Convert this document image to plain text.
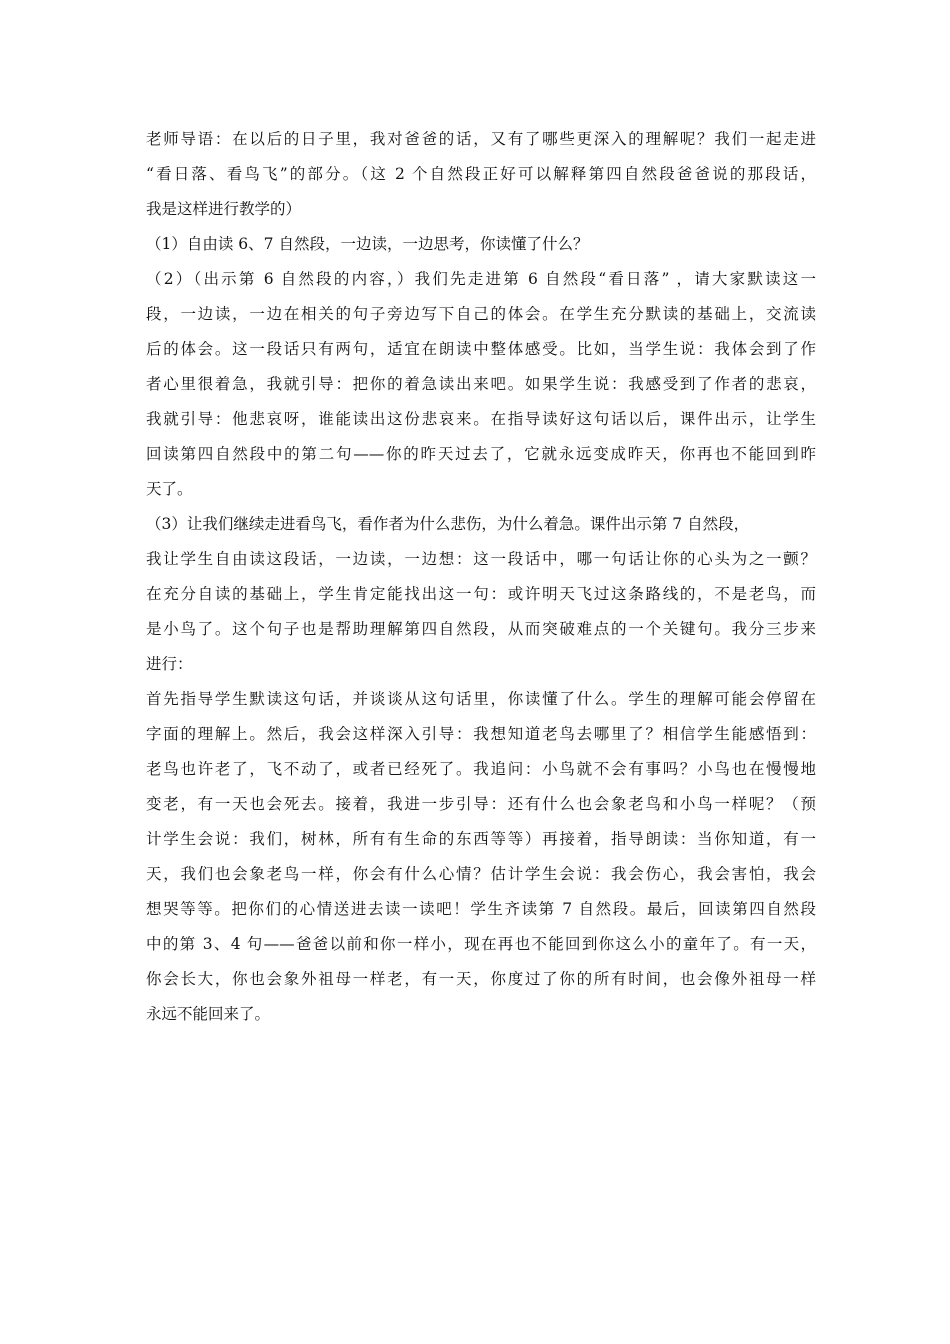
老师导语：在以后的日子里，我对爸爸的话，又有了哪些更深入的理解呢？我们一起走进
“看日落、看鸟飞”的部分。（这 2 个自然段正好可以解释第四自然段爸爸说的那段话，
我是这样进行教学的）
（1）自由读 6、7 自然段，一边读，一边思考，你读懂了什么？
（2）（出示第 6 自然段的内容，）我们先走进第 6 自然段“看日落” ，请大家默读这一
段，一边读，一边在相关的句子旁边写下自己的体会。在学生充分默读的基础上，交流读
后的体会。这一段话只有两句，适宜在朗读中整体感受。比如，当学生说：我体会到了作
者心里很着急，我就引导：把你的着急读出来吧。如果学生说：我感受到了作者的悲哀，
我就引导：他悲哀呀，谁能读出这份悲哀来。在指导读好这句话以后，课件出示，让学生
回读第四自然段中的第二句——你的昨天过去了，它就永远变成昨天，你再也不能回到昨
天了。
（3）让我们继续走进看鸟飞，看作者为什么悲伤，为什么着急。课件出示第 7 自然段，
我让学生自由读这段话，一边读，一边想：这一段话中，哪一句话让你的心头为之一颤？
在充分自读的基础上，学生肯定能找出这一句：或许明天飞过这条路线的，不是老鸟，而
是小鸟了。这个句子也是帮助理解第四自然段，从而突破难点的一个关键句。我分三步来
进行：
首先指导学生默读这句话，并谈谈从这句话里，你读懂了什么。学生的理解可能会停留在
字面的理解上。然后，我会这样深入引导：我想知道老鸟去哪里了？相信学生能感悟到：
老鸟也许老了，飞不动了，或者已经死了。我追问：小鸟就不会有事吗？小鸟也在慢慢地
变老，有一天也会死去。接着，我进一步引导：还有什么也会象老鸟和小鸟一样呢？（预
计学生会说：我们，树林，所有有生命的东西等等）再接着，指导朗读：当你知道，有一
天，我们也会象老鸟一样，你会有什么心情？估计学生会说：我会伤心，我会害怕，我会
想哭等等。把你们的心情送进去读一读吧！学生齐读第 7 自然段。最后，回读第四自然段
中的第 3、4 句——爸爸以前和你一样小，现在再也不能回到你这么小的童年了。有一天，
你会长大，你也会象外祖母一样老，有一天，你度过了你的所有时间，也会像外祖母一样
永远不能回来了。
